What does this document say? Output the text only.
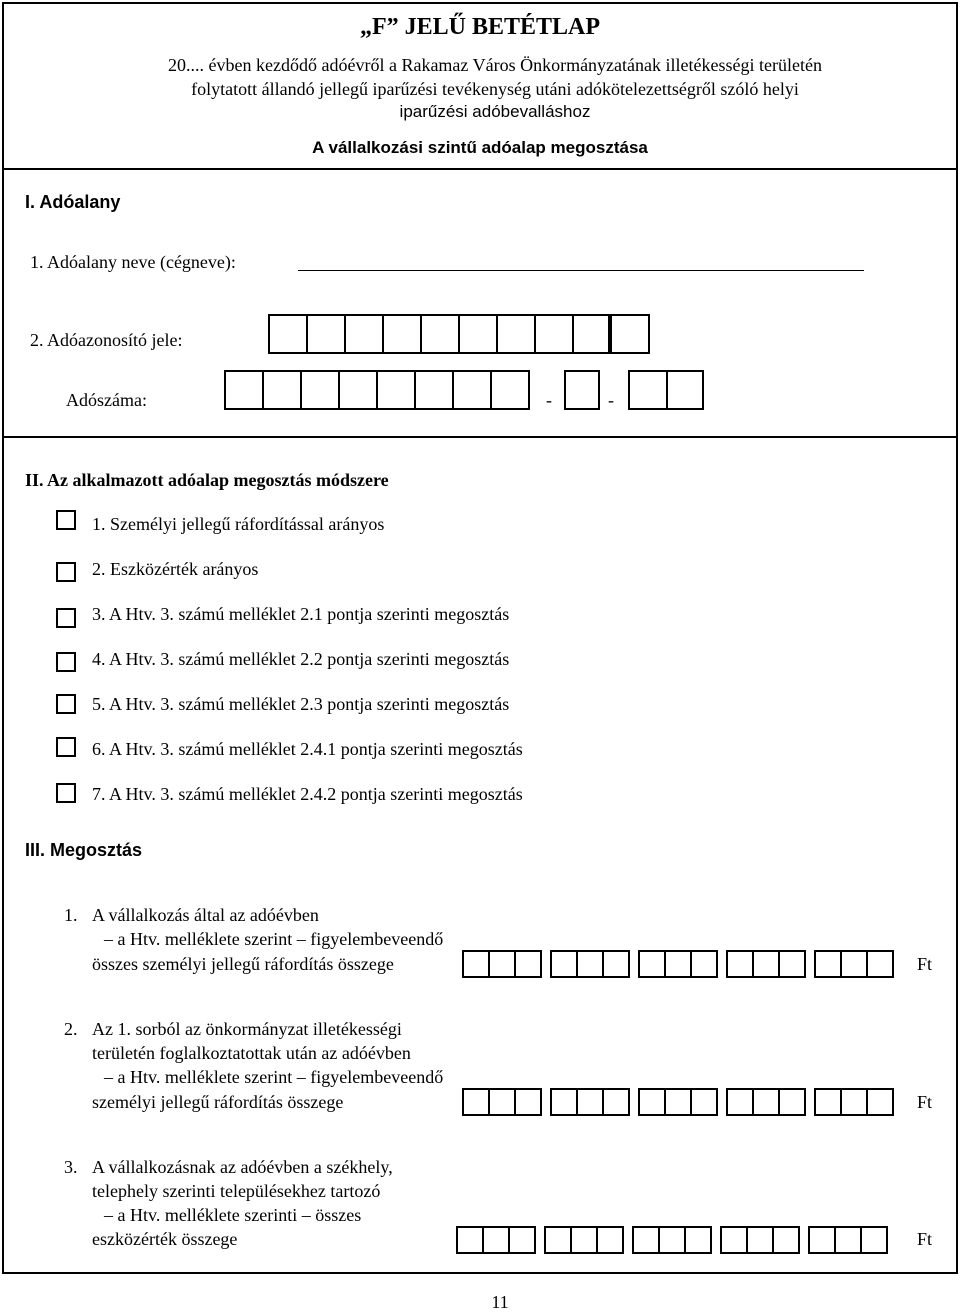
„F” JELŰ BETÉTLAP
20.... évben kezdődő adóévről a Rakamaz Város Önkormányzatának illetékességi területén
folytatott állandó jellegű iparűzési tevékenység utáni adókötelezettségről szóló helyi
iparűzési adóbevalláshoz
A vállalkozási szintű adóalap megosztása
I. Adóalany
1. Adóalany neve (cégneve):
2. Adóazonosító jele:
Adószáma:	-	-
II. Az alkalmazott adóalap megosztás módszere
1. Személyi jellegű ráfordítással arányos
2. Eszközérték arányos
3. A Htv. 3. számú melléklet 2.1 pontja szerinti megosztás
4. A Htv. 3. számú melléklet 2.2 pontja szerinti megosztás
5. A Htv. 3. számú melléklet 2.3 pontja szerinti megosztás
6. A Htv. 3. számú melléklet 2.4.1 pontja szerinti megosztás
7. A Htv. 3. számú melléklet 2.4.2 pontja szerinti megosztás
III. Megosztás
1. A vállalkozás által az adóévben
– a Htv. melléklete szerint – figyelembeveendő
összes személyi jellegű ráfordítás összege	Ft
2. Az 1. sorból az önkormányzat illetékességi
területén foglalkoztatottak után az adóévben
– a Htv. melléklete szerint – figyelembeveendő
személyi jellegű ráfordítás összege	Ft
3. A vállalkozásnak az adóévben a székhely,
telephely szerinti településekhez tartozó
– a Htv. melléklete szerinti – összes
eszközérték összege	Ft
11
